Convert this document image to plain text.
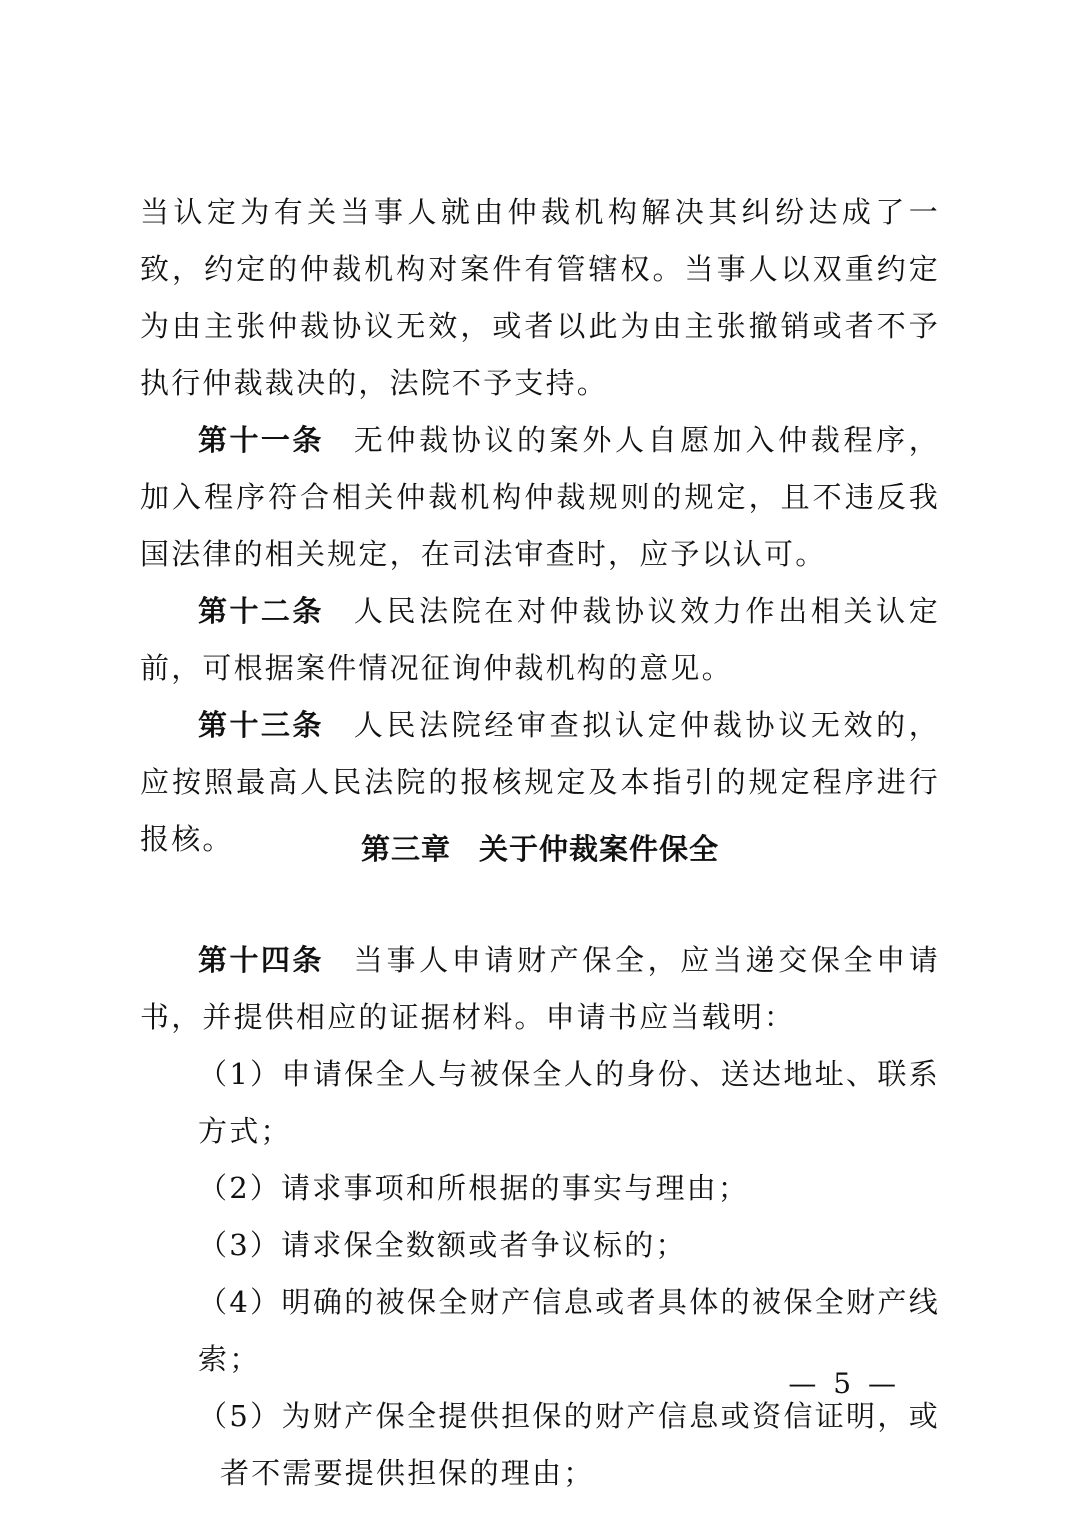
当认定为有关当事人就由仲裁机构解决其纠纷达成了一致，约定的仲裁机构对案件有管辖权。当事人以双重约定为由主张仲裁协议无效，或者以此为由主张撤销或者不予执行仲裁裁决的，法院不予支持。

第十一条 无仲裁协议的案外人自愿加入仲裁程序，加入程序符合相关仲裁机构仲裁规则的规定，且不违反我国法律的相关规定，在司法审查时，应予以认可。

第十二条 人民法院在对仲裁协议效力作出相关认定前，可根据案件情况征询仲裁机构的意见。

第十三条 人民法院经审查拟认定仲裁协议无效的，应按照最高人民法院的报核规定及本指引的规定程序进行报核。	第三章 关于仲裁案件保全

第十四条 当事人申请财产保全，应当递交保全申请书，并提供相应的证据材料。申请书应当载明：

（1）申请保全人与被保全人的身份、送达地址、联系方式；

（2）请求事项和所根据的事实与理由；

（3）请求保全数额或者争议标的；

（4）明确的被保全财产信息或者具体的被保全财产线索；

（5）为财产保全提供担保的财产信息或资信证明，或者不需要提供担保的理由；

— 5 —
